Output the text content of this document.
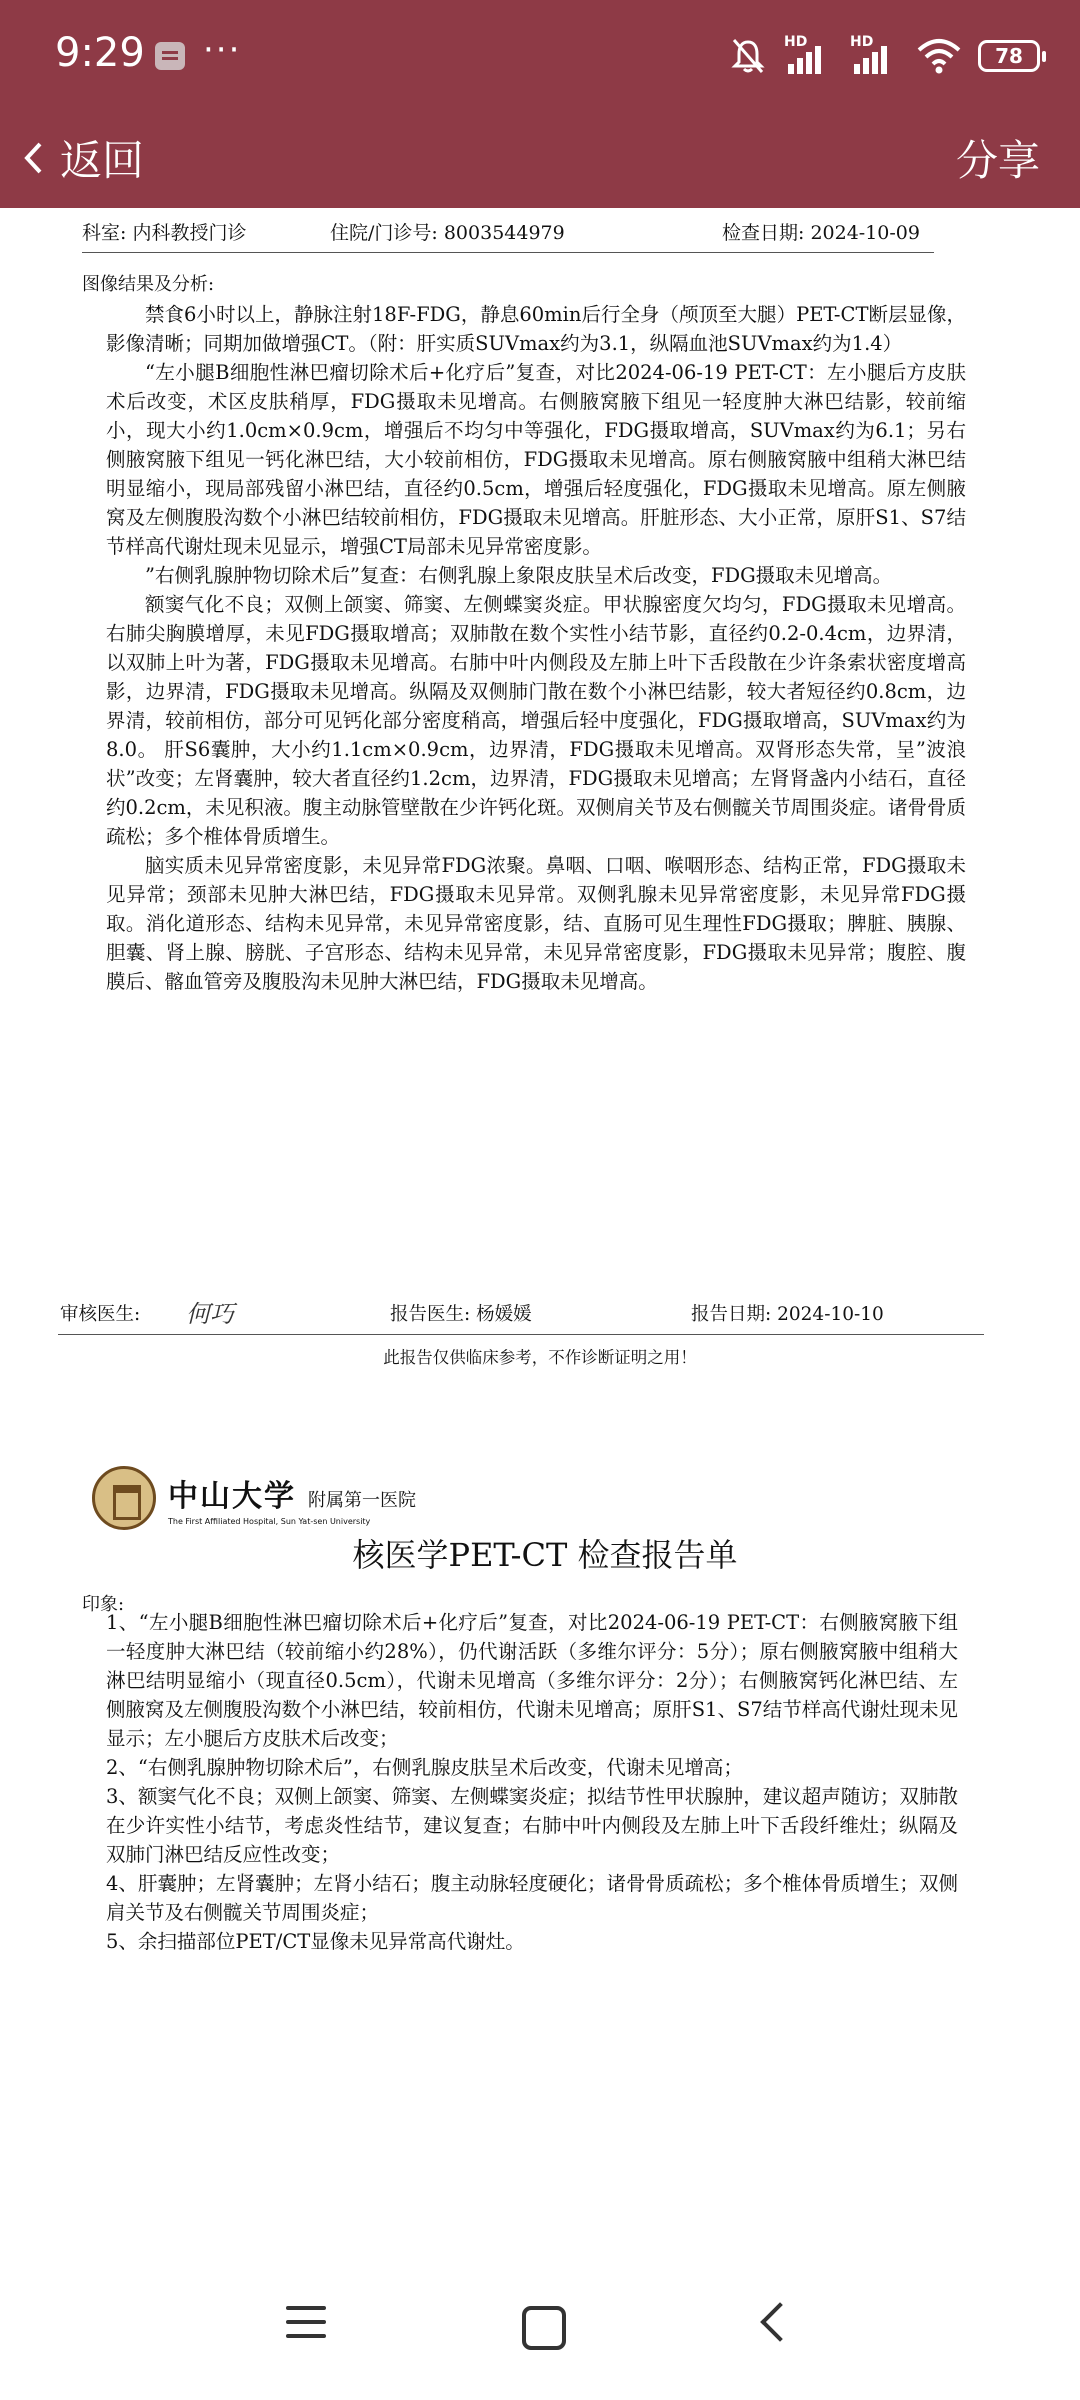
9:29 ···	HD	HD
78
返回	分享
科室: 内科教授门诊	住院/门诊号: 8003544979	检查日期: 2024-10-09
图像结果及分析:

禁食6小时以上，静脉注射18F-FDG，静息60min后行全身（颅顶至大腿）PET-CT断层显像，影像清晰；同期加做增强CT。（附：肝实质SUVmax约为3.1，纵隔血池SUVmax约为1.4）

“左小腿B细胞性淋巴瘤切除术后+化疗后”复查，对比2024-06-19 PET-CT：左小腿后方皮肤术后改变，术区皮肤稍厚，FDG摄取未见增高。右侧腋窝腋下组见一轻度肿大淋巴结影，较前缩小，现大小约1.0cm×0.9cm，增强后不均匀中等强化，FDG摄取增高，SUVmax约为6.1；另右侧腋窝腋下组见一钙化淋巴结，大小较前相仿，FDG摄取未见增高。原右侧腋窝腋中组稍大淋巴结明显缩小，现局部残留小淋巴结，直径约0.5cm，增强后轻度强化，FDG摄取未见增高。原左侧腋窝及左侧腹股沟数个小淋巴结较前相仿，FDG摄取未见增高。肝脏形态、大小正常，原肝S1、S7结节样高代谢灶现未见显示，增强CT局部未见异常密度影。

”右侧乳腺肿物切除术后”复查：右侧乳腺上象限皮肤呈术后改变，FDG摄取未见增高。

额窦气化不良；双侧上颌窦、筛窦、左侧蝶窦炎症。甲状腺密度欠均匀，FDG摄取未见增高。右肺尖胸膜增厚，未见FDG摄取增高；双肺散在数个实性小结节影，直径约0.2-0.4cm，边界清，以双肺上叶为著，FDG摄取未见增高。右肺中叶内侧段及左肺上叶下舌段散在少许条索状密度增高影，边界清，FDG摄取未见增高。纵隔及双侧肺门散在数个小淋巴结影，较大者短径约0.8cm，边界清，较前相仿，部分可见钙化部分密度稍高，增强后轻中度强化，FDG摄取增高，SUVmax约为8.0。 肝S6囊肿，大小约1.1cm×0.9cm，边界清，FDG摄取未见增高。双肾形态失常，呈”波浪状”改变；左肾囊肿，较大者直径约1.2cm，边界清，FDG摄取未见增高；左肾肾盏内小结石，直径约0.2cm，未见积液。腹主动脉管壁散在少许钙化斑。双侧肩关节及右侧髋关节周围炎症。诸骨骨质疏松；多个椎体骨质增生。

脑实质未见异常密度影，未见异常FDG浓聚。鼻咽、口咽、喉咽形态、结构正常，FDG摄取未见异常；颈部未见肿大淋巴结，FDG摄取未见异常。双侧乳腺未见异常密度影，未见异常FDG摄取。消化道形态、结构未见异常，未见异常密度影，结、直肠可见生理性FDG摄取；脾脏、胰腺、胆囊、肾上腺、膀胱、子宫形态、结构未见异常，未见异常密度影，FDG摄取未见异常；腹腔、腹膜后、髂血管旁及腹股沟未见肿大淋巴结，FDG摄取未见增高。

审核医生: 何巧	报告医生: 杨媛媛	报告日期: 2024-10-10
此报告仅供临床参考，不作诊断证明之用！
中山大学 附属第一医院
The First Affiliated Hospital, Sun Yat-sen University
核医学PET-CT 检查报告单
印象:
1、“左小腿B细胞性淋巴瘤切除术后+化疗后”复查，对比2024-06-19 PET-CT：右侧腋窝腋下组一轻度肿大淋巴结（较前缩小约28%），仍代谢活跃（多维尔评分：5分）；原右侧腋窝腋中组稍大淋巴结明显缩小（现直径0.5cm），代谢未见增高（多维尔评分：2分）；右侧腋窝钙化淋巴结、左侧腋窝及左侧腹股沟数个小淋巴结，较前相仿，代谢未见增高；原肝S1、S7结节样高代谢灶现未见显示；左小腿后方皮肤术后改变；
2、“右侧乳腺肿物切除术后”，右侧乳腺皮肤呈术后改变，代谢未见增高；
3、额窦气化不良；双侧上颌窦、筛窦、左侧蝶窦炎症；拟结节性甲状腺肿，建议超声随访；双肺散在少许实性小结节，考虑炎性结节，建议复查；右肺中叶内侧段及左肺上叶下舌段纤维灶；纵隔及双肺门淋巴结反应性改变；
4、肝囊肿；左肾囊肿；左肾小结石；腹主动脉轻度硬化；诸骨骨质疏松；多个椎体骨质增生；双侧肩关节及右侧髋关节周围炎症；
5、余扫描部位PET/CT显像未见异常高代谢灶。
